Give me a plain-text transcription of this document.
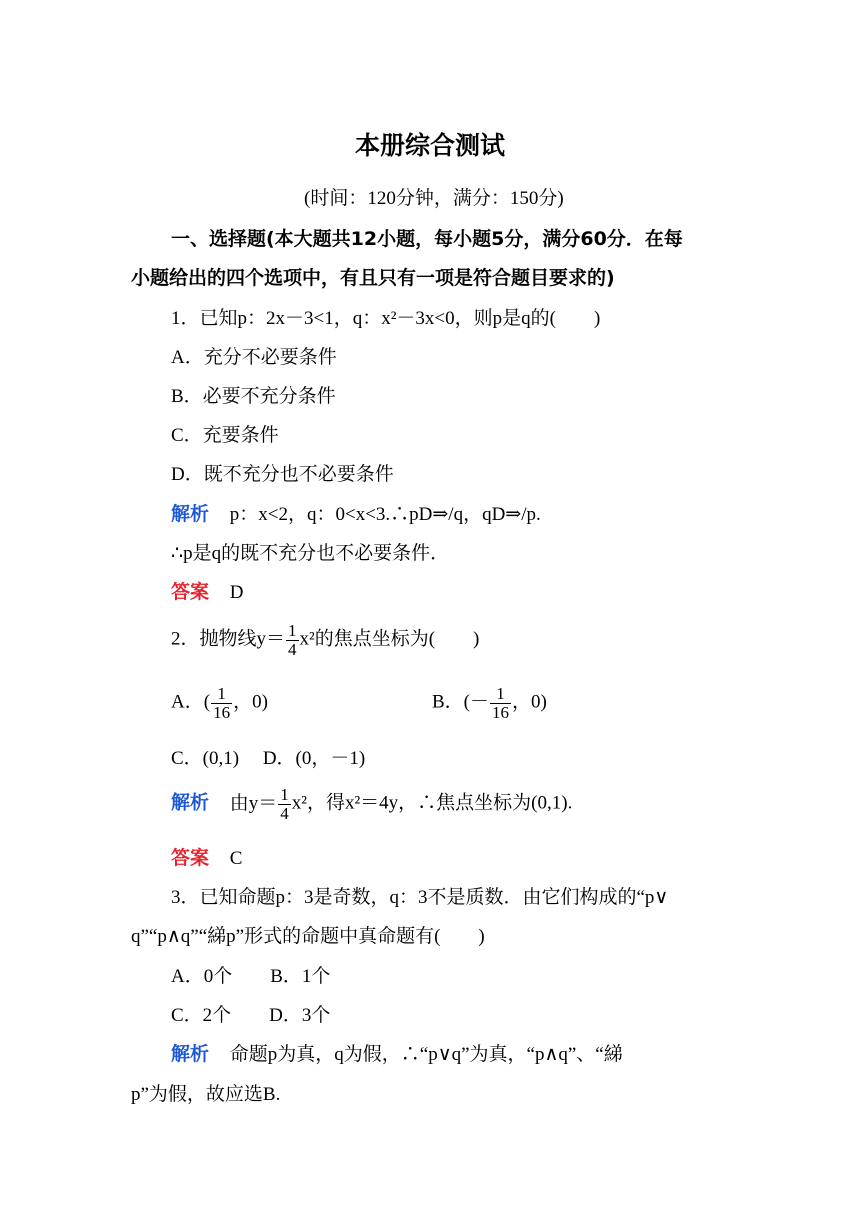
本册综合测试
(时间：120分钟，满分：150分)
一、选择题(本大题共12小题，每小题5分，满分60分．在每
小题给出的四个选项中，有且只有一项是符合题目要求的)
1．已知p：2x－3<1，q：x²－3x<0，则p是q的(　　)
A．充分不必要条件
B．必要不充分条件
C．充要条件
D．既不充分也不必要条件
解析 p：x<2，q：0<x<3.∴pD⇒/q，qD⇒/p.
∴p是q的既不充分也不必要条件．
答案 D
2．抛物线$y= \frac{1}{4} x^2$的焦点坐标为(　　)
A．( $\frac{1}{16}$ ，0)	B．(－ $\frac{1}{16}$ ，0)
C．(0,1)　 D．(0，－1)
解析 由$y= \frac{1}{4} x^2$，得x²＝4y，∴焦点坐标为(0,1).
答案 C
3．已知命题p：3是奇数，q：3不是质数．由它们构成的“p∨
q”“p∧q”“綈p”形式的命题中真命题有(　　)
A．0个　　B．1个
C．2个　　D．3个
解析 命题p为真，q为假，∴“p∨q”为真，“p∧q”、“綈
p”为假，故应选B.
